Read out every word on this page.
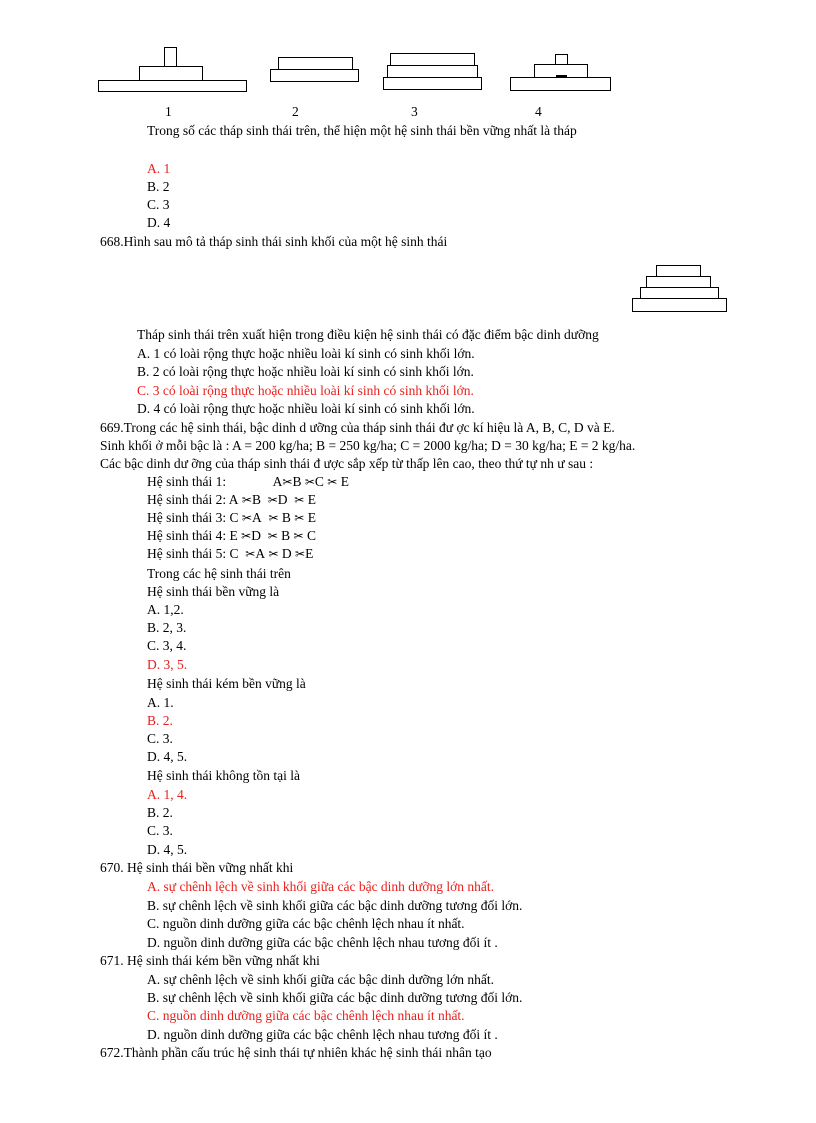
1	2	3	4
Trong số các tháp sinh thái trên, thể hiện một hệ sinh thái bền vững nhất là tháp
A. 1
B. 2
C. 3
D. 4
668.Hình sau mô tả tháp sinh thái sinh khối của một hệ sinh thái
Tháp sinh thái trên xuất hiện trong điều kiện hệ sinh thái có đặc điểm bậc dinh dưỡng
A. 1 có loài rộng thực hoặc nhiều loài kí sinh có sinh khối lớn.
B. 2 có loài rộng thực hoặc nhiều loài kí sinh có sinh khối lớn.
C. 3 có loài rộng thực hoặc nhiều loài kí sinh có sinh khối lớn.
D. 4 có loài rộng thực hoặc nhiều loài kí sinh có sinh khối lớn.
669.Trong các hệ sinh thái, bậc dinh d ưỡng của tháp sinh thái đư ợc kí hiệu là A, B, C, D và E.
Sinh khối ở mỗi bậc là : A = 200 kg/ha; B = 250 kg/ha; C = 2000 kg/ha; D = 30 kg/ha; E = 2 kg/ha.
Các bậc dinh dư ỡng của tháp sinh thái đ ược sắp xếp từ thấp lên cao, theo thứ tự nh ư sau :
Hệ sinh thái 1:	A✂B ✂C ✂ E
Hệ sinh thái 2: A ✂B ✂D ✂ E
Hệ sinh thái 3: C ✂A ✂ B ✂ E
Hệ sinh thái 4: E ✂D ✂ B ✂ C
Hệ sinh thái 5: C ✂A ✂ D ✂E
Trong các hệ sinh thái trên
Hệ sinh thái bền vững là
A. 1,2.
B. 2, 3.
C. 3, 4.
D. 3, 5.
Hệ sinh thái kém bền vững là
A. 1.
B. 2.
C. 3.
D. 4, 5.
Hệ sinh thái không tồn tại là
A. 1, 4.
B. 2.
C. 3.
D. 4, 5.
670. Hệ sinh thái bền vững nhất khi
A. sự chênh lệch về sinh khối giữa các bậc dinh dưỡng lớn nhất.
B. sự chênh lệch về sinh khối giữa các bậc dinh dưỡng tương đối lớn.
C. nguồn dinh dưỡng giữa các bậc chênh lệch nhau ít nhất.
D. nguồn dinh dưỡng giữa các bậc chênh lệch nhau tương đối ít .
671. Hệ sinh thái kém bền vững nhất khi
A. sự chênh lệch về sinh khối giữa các bậc dinh dưỡng lớn nhất.
B. sự chênh lệch về sinh khối giữa các bậc dinh dưỡng tương đối lớn.
C. nguồn dinh dưỡng giữa các bậc chênh lệch nhau ít nhất.
D. nguồn dinh dưỡng giữa các bậc chênh lệch nhau tương đối ít .
672.Thành phần cấu trúc hệ sinh thái tự nhiên khác hệ sinh thái nhân tạo
